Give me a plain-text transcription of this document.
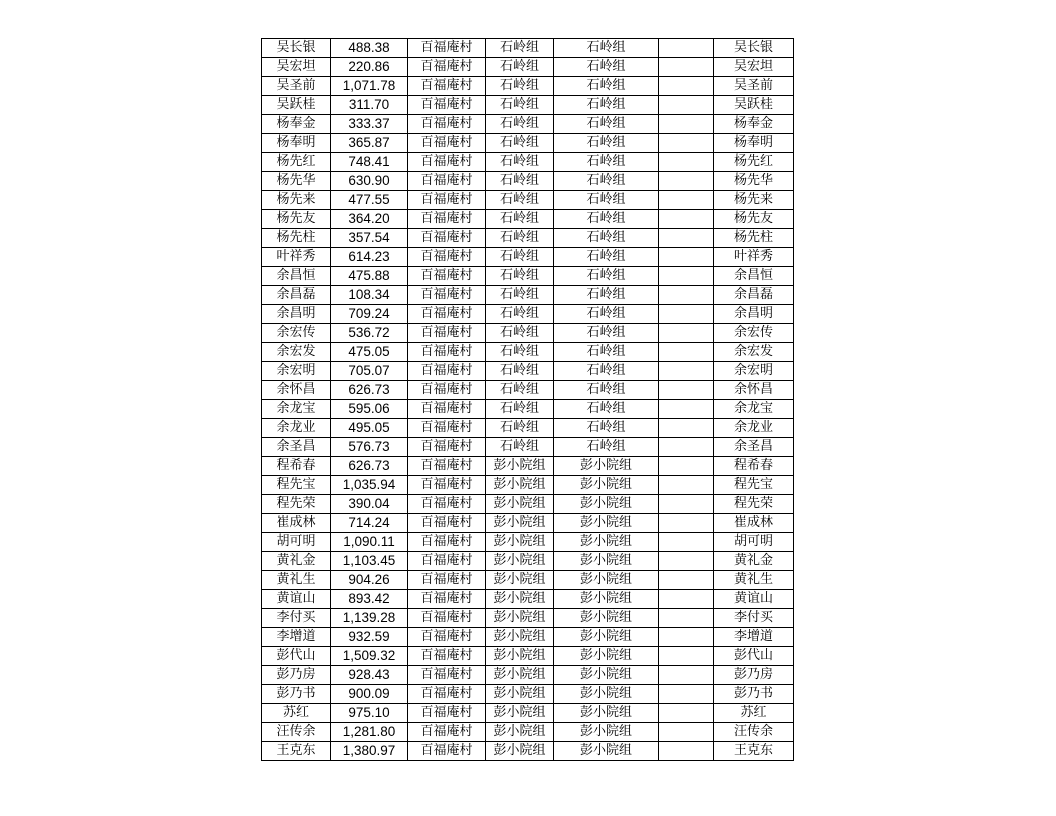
吴长银	488.38	百福庵村	石岭组	石岭组		吴长银
吴宏坦	220.86	百福庵村	石岭组	石岭组		吴宏坦
吴圣前	1,071.78	百福庵村	石岭组	石岭组		吴圣前
吴跃桂	311.70	百福庵村	石岭组	石岭组		吴跃桂
杨奉金	333.37	百福庵村	石岭组	石岭组		杨奉金
杨奉明	365.87	百福庵村	石岭组	石岭组		杨奉明
杨先红	748.41	百福庵村	石岭组	石岭组		杨先红
杨先华	630.90	百福庵村	石岭组	石岭组		杨先华
杨先来	477.55	百福庵村	石岭组	石岭组		杨先来
杨先友	364.20	百福庵村	石岭组	石岭组		杨先友
杨先柱	357.54	百福庵村	石岭组	石岭组		杨先柱
叶祥秀	614.23	百福庵村	石岭组	石岭组		叶祥秀
余昌恒	475.88	百福庵村	石岭组	石岭组		余昌恒
余昌磊	108.34	百福庵村	石岭组	石岭组		余昌磊
余昌明	709.24	百福庵村	石岭组	石岭组		余昌明
余宏传	536.72	百福庵村	石岭组	石岭组		余宏传
余宏发	475.05	百福庵村	石岭组	石岭组		余宏发
余宏明	705.07	百福庵村	石岭组	石岭组		余宏明
余怀昌	626.73	百福庵村	石岭组	石岭组		余怀昌
余龙宝	595.06	百福庵村	石岭组	石岭组		余龙宝
余龙业	495.05	百福庵村	石岭组	石岭组		余龙业
余圣昌	576.73	百福庵村	石岭组	石岭组		余圣昌
程希春	626.73	百福庵村	彭小院组	彭小院组		程希春
程先宝	1,035.94	百福庵村	彭小院组	彭小院组		程先宝
程先荣	390.04	百福庵村	彭小院组	彭小院组		程先荣
崔成林	714.24	百福庵村	彭小院组	彭小院组		崔成林
胡可明	1,090.11	百福庵村	彭小院组	彭小院组		胡可明
黄礼金	1,103.45	百福庵村	彭小院组	彭小院组		黄礼金
黄礼生	904.26	百福庵村	彭小院组	彭小院组		黄礼生
黄谊山	893.42	百福庵村	彭小院组	彭小院组		黄谊山
李付买	1,139.28	百福庵村	彭小院组	彭小院组		李付买
李增道	932.59	百福庵村	彭小院组	彭小院组		李增道
彭代山	1,509.32	百福庵村	彭小院组	彭小院组		彭代山
彭乃房	928.43	百福庵村	彭小院组	彭小院组		彭乃房
彭乃书	900.09	百福庵村	彭小院组	彭小院组		彭乃书
苏红	975.10	百福庵村	彭小院组	彭小院组		苏红
汪传余	1,281.80	百福庵村	彭小院组	彭小院组		汪传余
王克东	1,380.97	百福庵村	彭小院组	彭小院组		王克东
